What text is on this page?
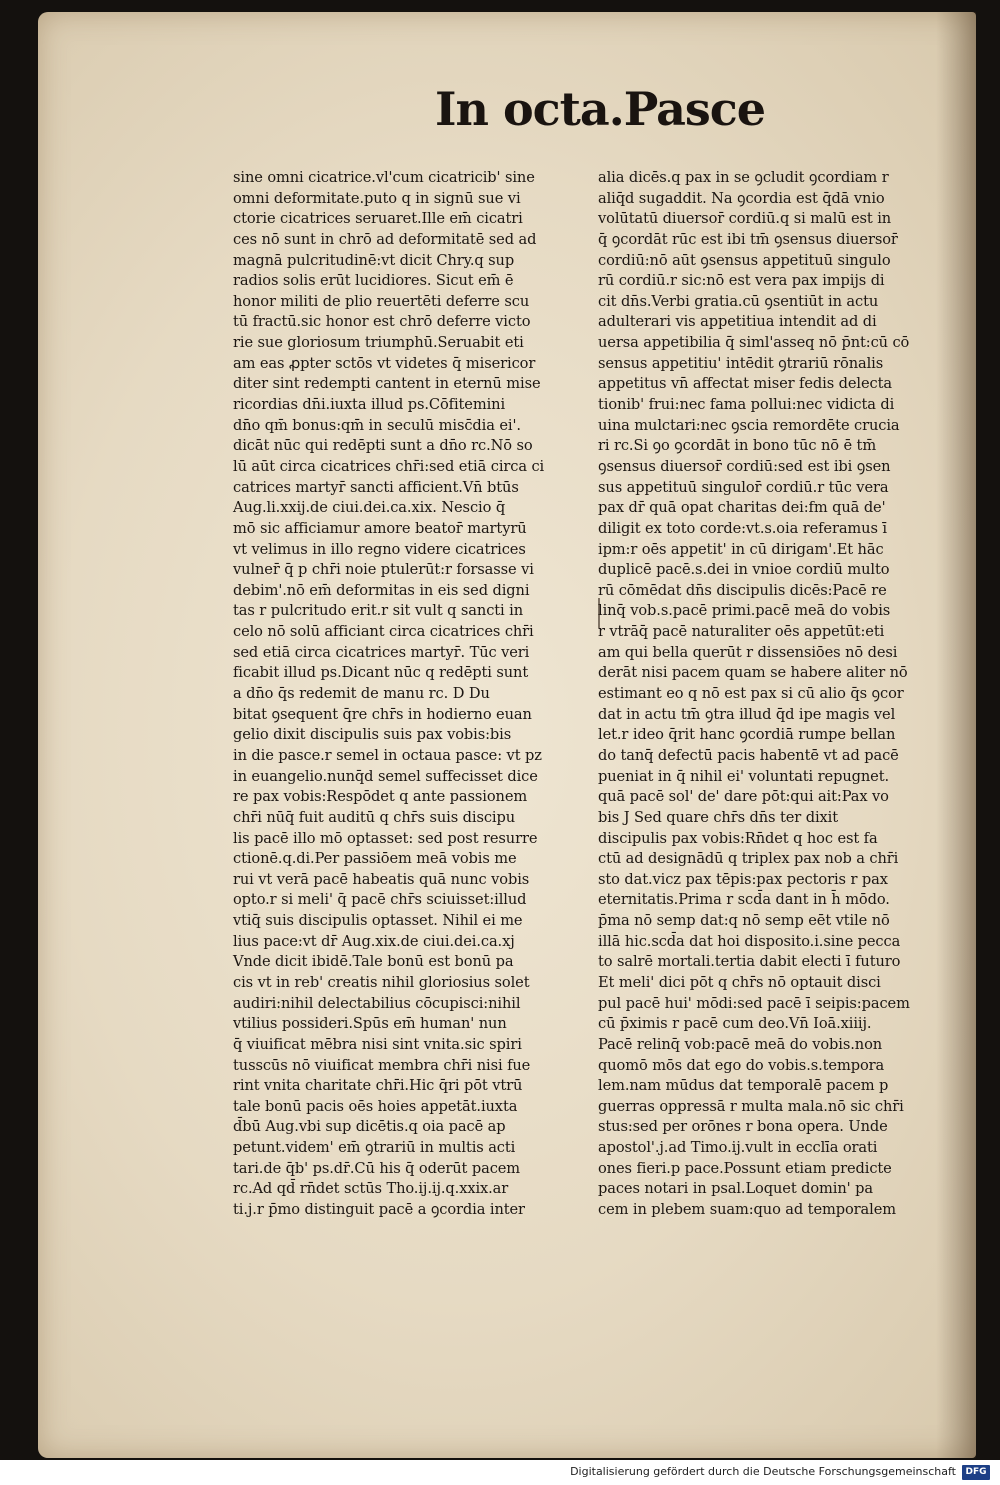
In octa.Pasce

sine omni cicatrice.vl'cum cicatricib' sine
omni deformitate.puto q in signū sue vi
ctorie cicatrices seruaret.Ille em̄ cicatri
ces nō sunt in chrō ad deformitatē sed ad
magnā pulcritudinē:vt dicit Chry.q sup
radios solis erūt lucidiores. Sicut em̄ ē
honor militi de plio reuertēti deferre scu
tū fractū.sic honor est chrō deferre victo
rie sue gloriosum triumphū.Seruabit eti
am eas ꝓpter sctōs vt videtes q̄ misericor
diter sint redempti cantent in eternū mise
ricordias dn̄i.iuxta illud ps.Cōfitemini
dn̄o qm̄ bonus:qm̄ in seculū misc̄dia ei'.
dicāt nūc qui redēpti sunt a dn̄o rc.Nō so
lū aūt circa cicatrices chr̄i:sed etiā circa ci
catrices martyr̄ sancti afficient.Vn̄ btūs
Aug.li.xxij.de ciui.dei.ca.xix. Nescio q̄
mō sic afficiamur amore beator̄ martyrū
vt velimus in illo regno videre cicatrices
vulner̄ q̄ p chr̄i noie ptulerūt:r forsasse vi
debim'.nō em̄ deformitas in eis sed digni
tas r pulcritudo erit.r sit vult q sancti in
celo nō solū afficiant circa cicatrices chr̄i
sed etiā circa cicatrices martyr̄. Tūc veri
ficabit illud ps.Dicant nūc q redēpti sunt
a dn̄o q̄s redemit de manu rc. D Du
bitat ꝯsequent q̄re chr̄s in hodierno euan
gelio dixit discipulis suis pax vobis:bis
in die pasce.r semel in octaua pasce: vt pz
in euangelio.nunq̄d semel suffecisset dice
re pax vobis:Respōdet q ante passionem
chr̄i nūq̄ fuit auditū q chr̄s suis discipu
lis pacē illo mō optasset: sed post resurre
ctionē.q.di.Per passiōem meā vobis me
rui vt verā pacē habeatis quā nunc vobis
opto.r si meli' q̄ pacē chr̄s sciuisset:illud
vtiq̄ suis discipulis optasset. Nihil ei me
lius pace:vt dr̄ Aug.xix.de ciui.dei.ca.xj
Vnde dicit ibidē.Tale bonū est bonū pa
cis vt in reb' creatis nihil gloriosius solet
audiri:nihil delectabilius cōcupisci:nihil
vtilius possideri.Spūs em̄ human' nun
q̄ viuificat mēbra nisi sint vnita.sic spiri
tusscūs nō viuificat membra chr̄i nisi fue
rint vnita charitate chr̄i.Hic q̄ri pōt vtrū
tale bonū pacis oēs hoies appetāt.iuxta
d̄bū Aug.vbi sup dicētis.q oia pacē ap
petunt.videm' em̄ ꝯtrariū in multis acti
tari.de q̄b' ps.dr̄.Cū his q̄ oderūt pacem
rc.Ad qd̄ rn̄det sctūs Tho.ij.ij.q.xxix.ar
ti.j.r p̄mo distinguit pacē a ꝯcordia inter
alia dicēs.q pax in se ꝯcludit ꝯcordiam r
aliq̄d sugaddit. Na ꝯcordia est q̄dā vnio
volūtatū diuersor̄ cordiū.q si malū est in
q̄ ꝯcordāt rūc est ibi tm̄ ꝯsensus diuersor̄
cordiū:nō aūt ꝯsensus appetituū singulo
rū cordiū.r sic:nō est vera pax impijs di
cit dn̄s.Verbi gratia.cū ꝯsentiūt in actu
adulterari vis appetitiua intendit ad di
uersa appetibilia q̄ siml'asseq nō p̄nt:cū cō
sensus appetitiu' intēdit ꝯtrariū rōnalis
appetitus vn̄ affectat miser fedis delecta
tionib' frui:nec fama pollui:nec vidicta di
uina mulctari:nec ꝯscia remordēte crucia
ri rc.Si ꝯo ꝯcordāt in bono tūc nō ē tm̄
ꝯsensus diuersor̄ cordiū:sed est ibi ꝯsen
sus appetituū singulor̄ cordiū.r tūc vera
pax dr̄ quā opat charitas dei:fm quā de'
diligit ex toto corde:vt.s.oia referamus ī
ipm:r oēs appetit' in cū dirigam'.Et hāc
duplicē pacē.s.dei in vnioe cordiū multo
rū cōmēdat dn̄s discipulis dicēs:Pacē re
linq̄ vob.s.pacē primi.pacē meā do vobis
r vtrāq̄ pacē naturaliter oēs appetūt:eti
am qui bella querūt r dissensiōes nō desi
derāt nisi pacem quam se habere aliter nō
estimant eo q nō est pax si cū alio q̄s ꝯcor
dat in actu tm̄ ꝯtra illud q̄d ipe magis vel
let.r ideo q̄rit hanc ꝯcordiā rumpe bellan
do tanq̄ defectū pacis habentē vt ad pacē
pueniat in q̄ nihil ei' voluntati repugnet.
quā pacē sol' de' dare pōt:qui ait:Pax vo
bis J Sed quare chr̄s dn̄s ter dixit
discipulis pax vobis:Rn̄det q hoc est fa
ctū ad designādū q triplex pax nob a chr̄i
sto dat.vicz pax tēpis:pax pectoris r pax
eternitatis.Prima r scd̄a dant in h̄ mōdo.
p̄ma nō semp dat:q nō semp eēt vtile nō
illā hic.scd̄a dat hoi disposito.i.sine pecca
to salrē mortali.tertia dabit electi ī futuro
Et meli' dici pōt q chr̄s nō optauit disci
pul pacē hui' mōdi:sed pacē ī seipis:pacem
cū p̄ximis r pacē cum deo.Vn̄ Ioā.xiiij.
Pacē relinq̄ vob:pacē meā do vobis.non
quomō mōs dat ego do vobis.s.tempora
lem.nam mūdus dat temporalē pacem p
guerras oppressā r multa mala.nō sic chr̄i
stus:sed per orōnes r bona opera. Unde
apostol'.j.ad Timo.ij.vult in ecclīa orati
ones fieri.p pace.Possunt etiam predicte
paces notari in psal.Loquet domin' pa
cem in plebem suam:quo ad temporalem
Digitalisierung gefördert durch die Deutsche Forschungsgemeinschaft	DFG
